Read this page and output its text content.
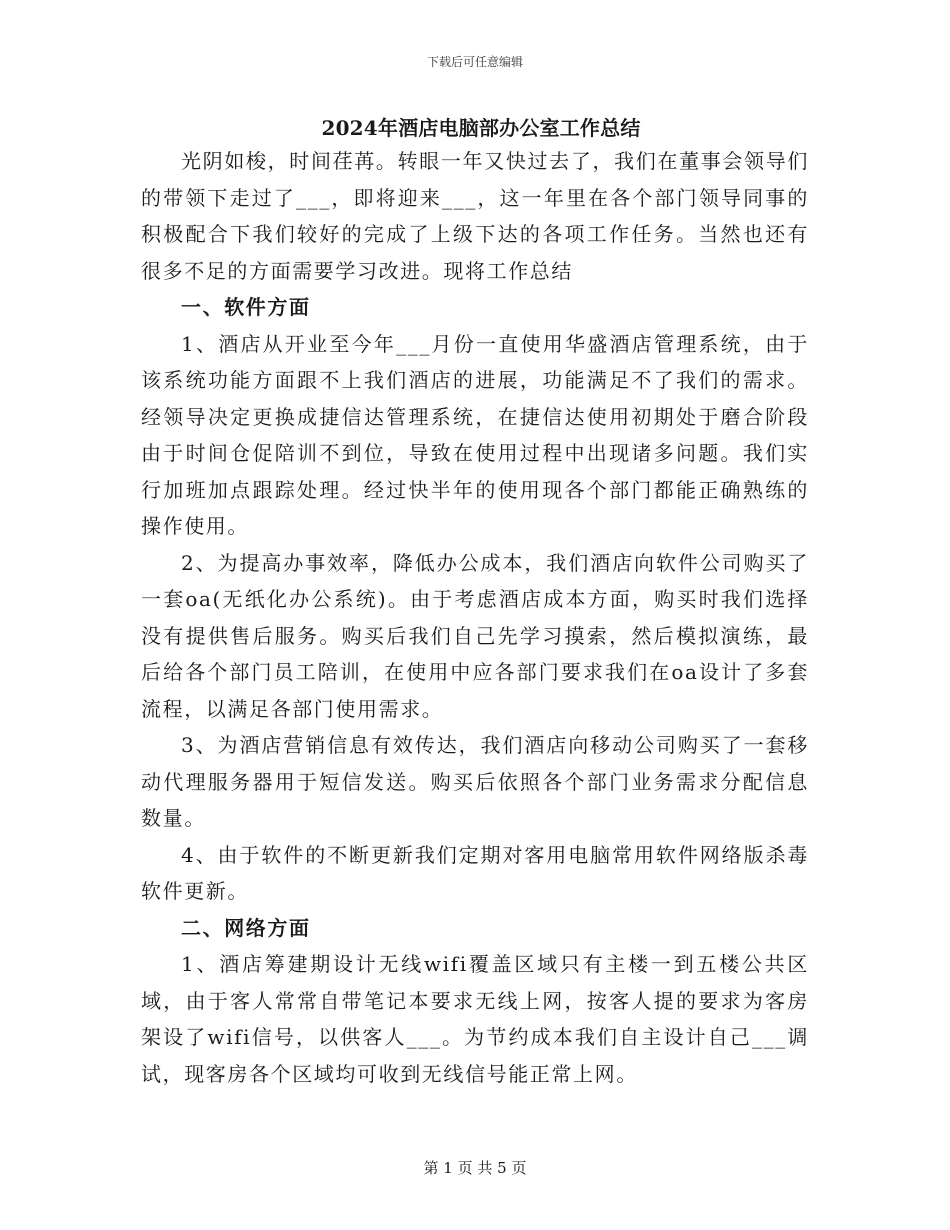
下载后可任意编辑

2024年酒店电脑部办公室工作总结

光阴如梭，时间荏苒。转眼一年又快过去了，我们在董事会领导们的带领下走过了___，即将迎来___，这一年里在各个部门领导同事的积极配合下我们较好的完成了上级下达的各项工作任务。当然也还有很多不足的方面需要学习改进。现将工作总结

一、软件方面

1、酒店从开业至今年___月份一直使用华盛酒店管理系统，由于该系统功能方面跟不上我们酒店的进展，功能满足不了我们的需求。经领导决定更换成捷信达管理系统，在捷信达使用初期处于磨合阶段由于时间仓促陪训不到位，导致在使用过程中出现诸多问题。我们实行加班加点跟踪处理。经过快半年的使用现各个部门都能正确熟练的操作使用。

2、为提高办事效率，降低办公成本，我们酒店向软件公司购买了一套oa(无纸化办公系统)。由于考虑酒店成本方面，购买时我们选择没有提供售后服务。购买后我们自己先学习摸索，然后模拟演练，最后给各个部门员工陪训，在使用中应各部门要求我们在oa设计了多套流程，以满足各部门使用需求。

3、为酒店营销信息有效传达，我们酒店向移动公司购买了一套移动代理服务器用于短信发送。购买后依照各个部门业务需求分配信息数量。

4、由于软件的不断更新我们定期对客用电脑常用软件网络版杀毒软件更新。

二、网络方面

1、酒店筹建期设计无线wifi覆盖区域只有主楼一到五楼公共区域，由于客人常常自带笔记本要求无线上网，按客人提的要求为客房架设了wifi信号，以供客人___。为节约成本我们自主设计自己___调试，现客房各个区域均可收到无线信号能正常上网。

第 1 页 共 5 页
